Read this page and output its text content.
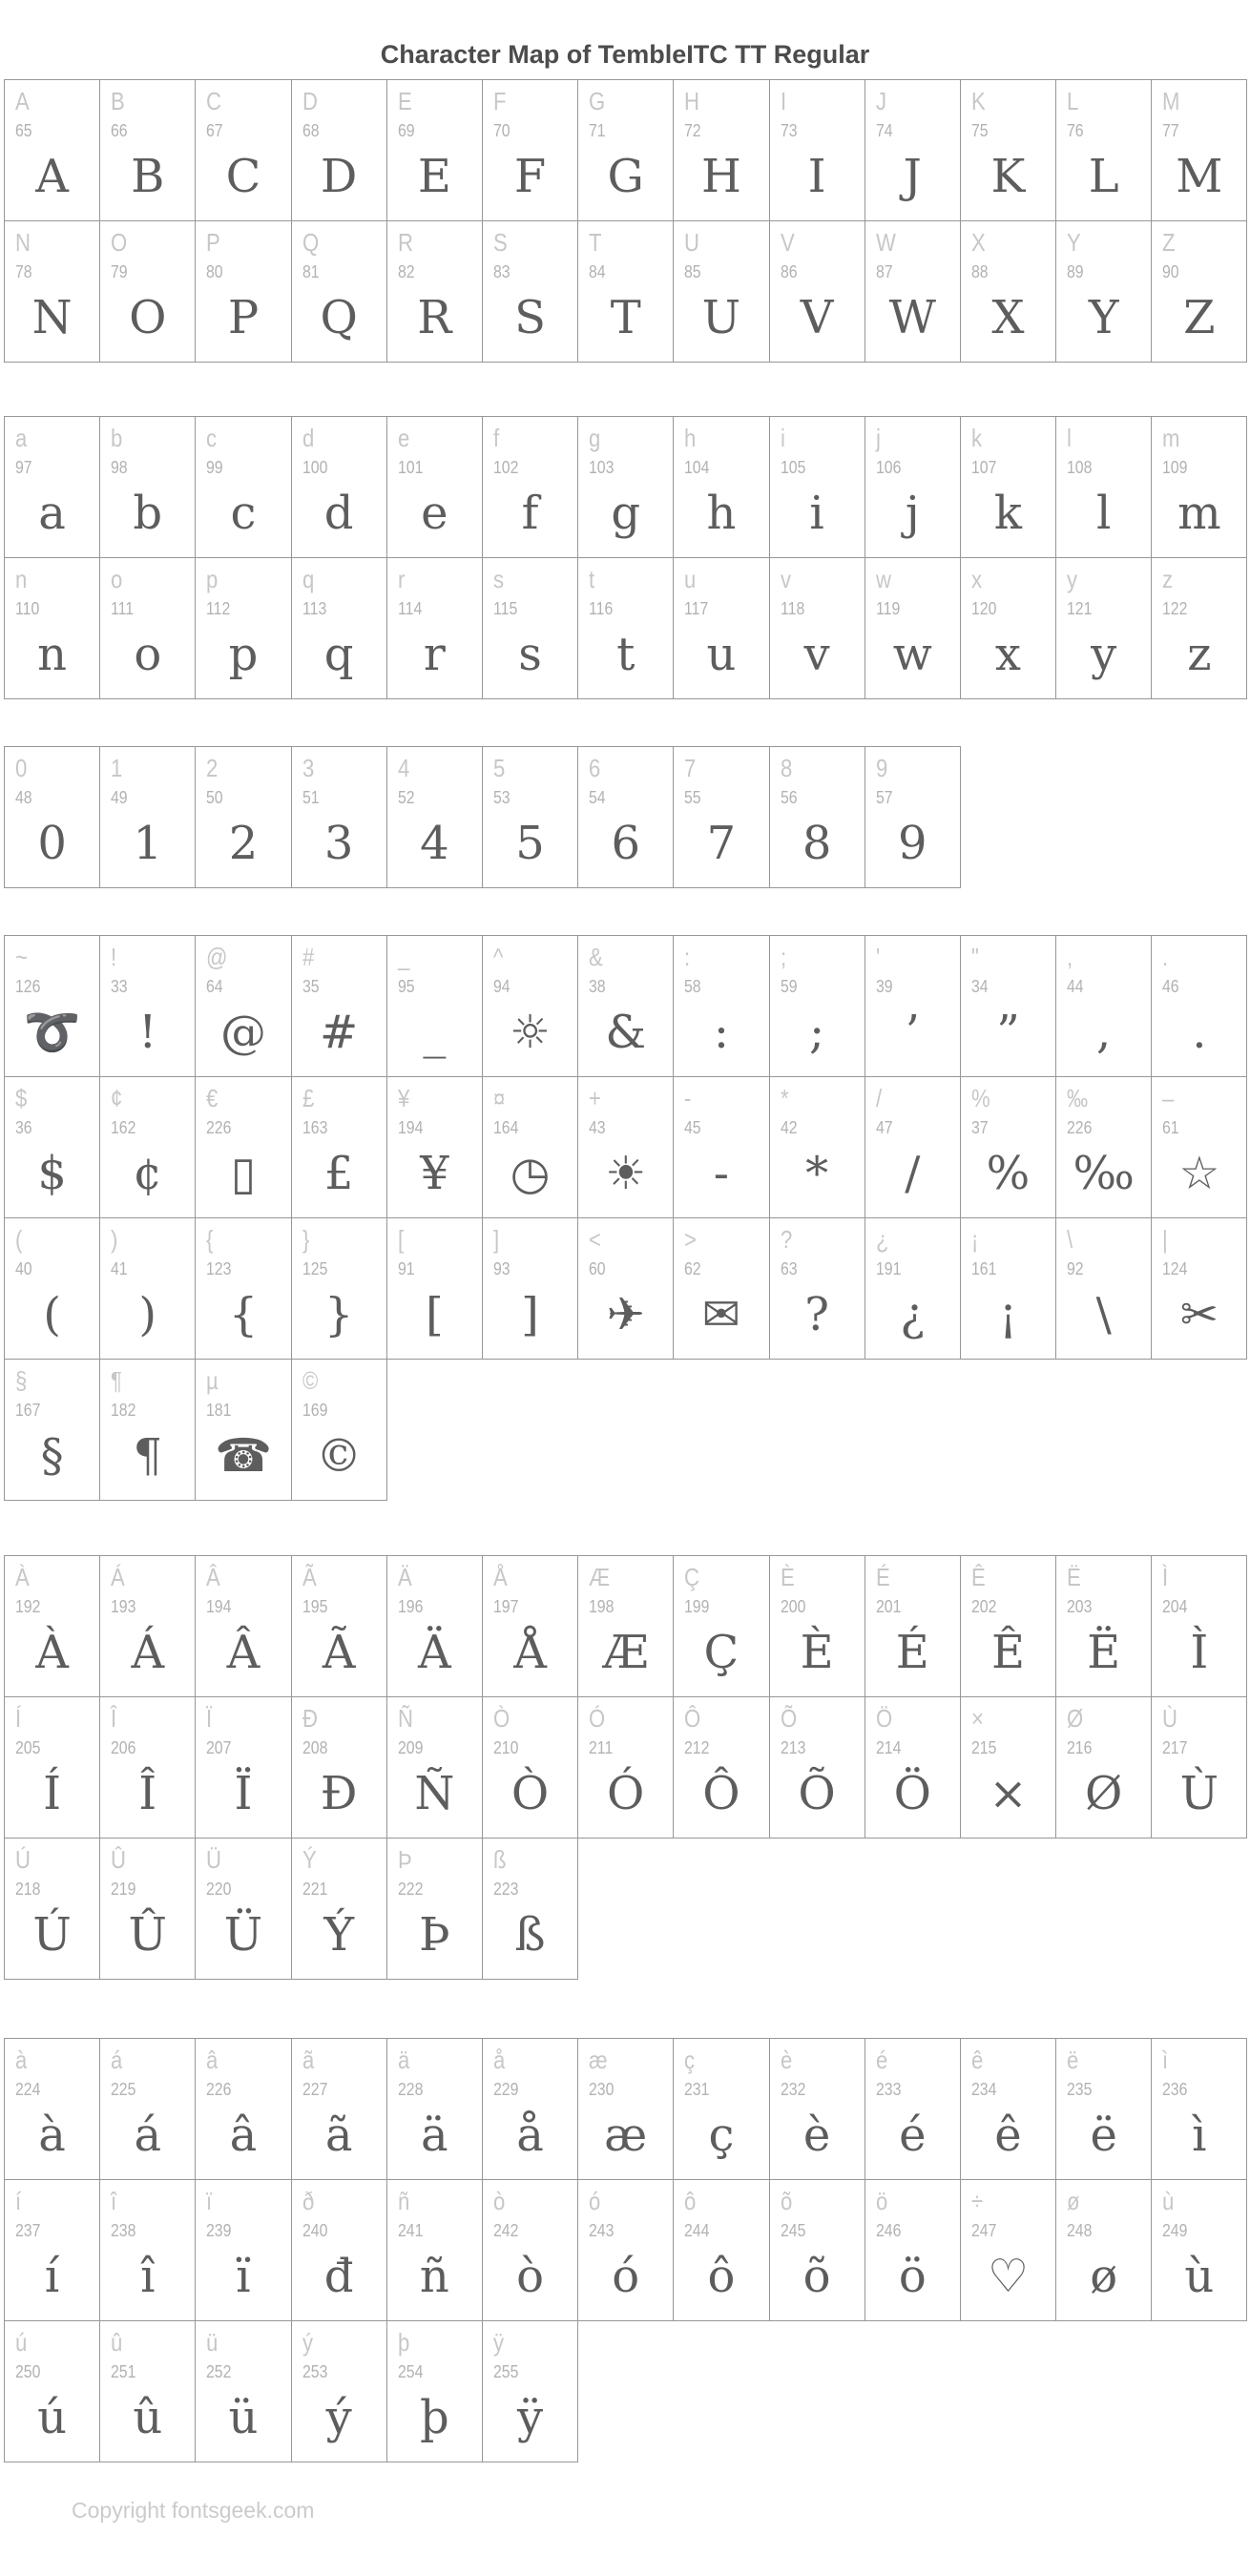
Character Map of TembleITC TT Regular
A
65
A
B
66
B
C
67
C
D
68
D
E
69
E
F
70
F
G
71
G
H
72
H
I
73
I
J
74
J
K
75
K
L
76
L
M
77
M
N
78
N
O
79
O
P
80
P
Q
81
Q
R
82
R
S
83
S
T
84
T
U
85
U
V
86
V
W
87
W
X
88
X
Y
89
Y
Z
90
Z
a
97
a
b
98
b
c
99
c
d
100
d
e
101
e
f
102
f
g
103
g
h
104
h
i
105
i
j
106
j
k
107
k
l
108
l
m
109
m
n
110
n
o
111
o
p
112
p
q
113
q
r
114
r
s
115
s
t
116
t
u
117
u
v
118
v
w
119
w
x
120
x
y
121
y
z
122
z
0
48
0
1
49
1
2
50
2
3
51
3
4
52
4
5
53
5
6
54
6
7
55
7
8
56
8
9
57
9
~
126
➰
!
33
!
@
64
@
#
35
#
_
95
_
^
94
☼
&
38
&
:
58
:
;
59
;
'
39
’
"
34
”
,
44
,
.
46
.
$
36
$
¢
162
¢
€
226
▯
£
163
£
¥
194
¥
¤
164
◷
+
43
☀
-
45
-
*
42
*
/
47
/
%
37
%
‰
226
‰
–
61
☆
(
40
(
)
41
)
{
123
{
}
125
}
[
91
[
]
93
]
<
60
✈
>
62
✉
?
63
?
¿
191
¿
¡
161
¡
\
92
\
|
124
✂
§
167
§
¶
182
¶
µ
181
☎
©
169
©
À
192
À
Á
193
Á
Â
194
Â
Ã
195
Ã
Ä
196
Ä
Å
197
Å
Æ
198
Æ
Ç
199
Ç
È
200
È
É
201
É
Ê
202
Ê
Ë
203
Ë
Ì
204
Ì
Í
205
Í
Î
206
Î
Ï
207
Ï
Ð
208
Ð
Ñ
209
Ñ
Ò
210
Ò
Ó
211
Ó
Ô
212
Ô
Õ
213
Õ
Ö
214
Ö
×
215
×
Ø
216
Ø
Ù
217
Ù
Ú
218
Ú
Û
219
Û
Ü
220
Ü
Ý
221
Ý
Þ
222
Þ
ß
223
ß
à
224
à
á
225
á
â
226
â
ã
227
ã
ä
228
ä
å
229
å
æ
230
æ
ç
231
ç
è
232
è
é
233
é
ê
234
ê
ë
235
ë
ì
236
ì
í
237
í
î
238
î
ï
239
ï
ð
240
đ
ñ
241
ñ
ò
242
ò
ó
243
ó
ô
244
ô
õ
245
õ
ö
246
ö
÷
247
♡
ø
248
ø
ù
249
ù
ú
250
ú
û
251
û
ü
252
ü
ý
253
ý
þ
254
þ
ÿ
255
ÿ
Copyright fontsgeek.com
